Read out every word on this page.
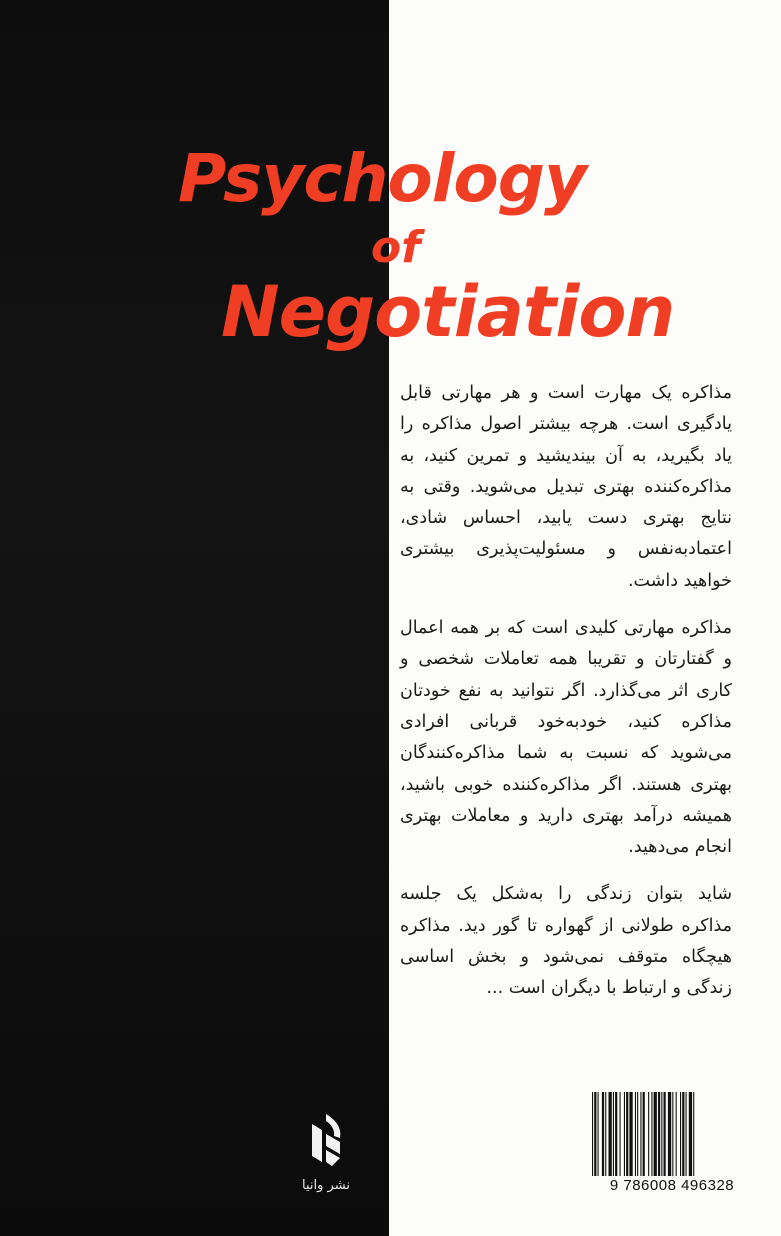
Psychology
of
Negotiation

مذاکره یک مهارت است و هر مهارتی قابل یادگیری است. هرچه بیشتر اصول مذاکره را یاد بگیرید، به آن بیندیشید و تمرین کنید، به مذاکره‌کننده بهتری تبدیل می‌شوید. وقتی به نتایج بهتری دست یابید، احساس شادی، اعتمادبه‌نفس و مسئولیت‌پذیری بیشتری خواهید داشت.

مذاکره مهارتی کلیدی است که بر همه اعمال و گفتارتان و تقریبا همه تعاملات شخصی و کاری اثر می‌گذارد. اگر نتوانید به نفع خودتان مذاکره کنید، خودبه‌خود قربانی افرادی می‌شوید که نسبت به شما مذاکره‌کنندگان بهتری هستند. اگر مذاکره‌کننده خوبی باشید، همیشه درآمد بهتری دارید و معاملات بهتری انجام می‌دهید.

شاید بتوان زندگی را به‌شکل یک جلسه مذاکره طولانی از گهواره تا گور دید. مذاکره هیچگاه متوقف نمی‌شود و بخش اساسی زندگی و ارتباط با دیگران است ...

نشر وانیا	9 786008 496328
